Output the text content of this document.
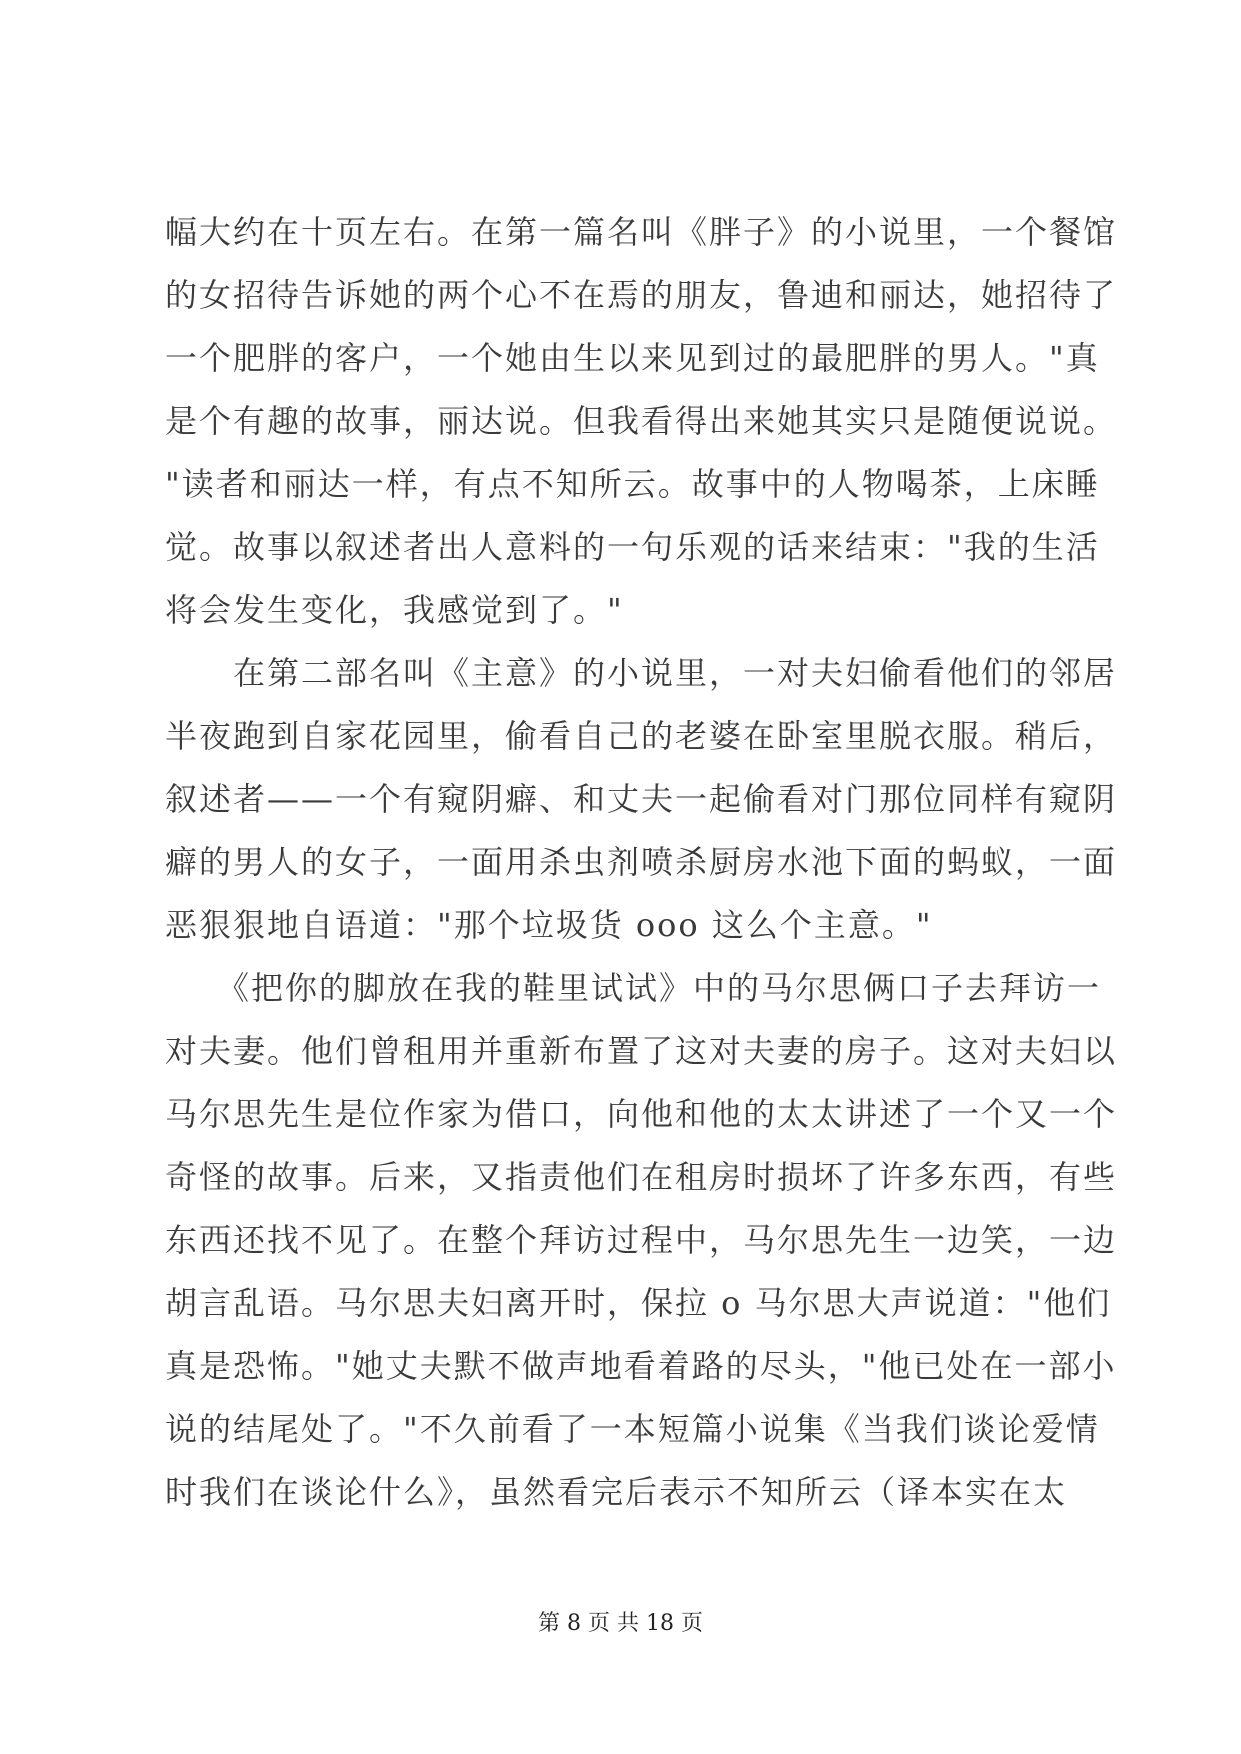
幅大约在十页左右。在第一篇名叫《胖子》的小说里，一个餐馆
的女招待告诉她的两个心不在焉的朋友，鲁迪和丽达，她招待了
一个肥胖的客户，一个她由生以来见到过的最肥胖的男人。"真
是个有趣的故事，丽达说。但我看得出来她其实只是随便说说。
"读者和丽达一样，有点不知所云。故事中的人物喝茶，上床睡
觉。故事以叙述者出人意料的一句乐观的话来结束："我的生活
将会发生变化，我感觉到了。"
　　在第二部名叫《主意》的小说里，一对夫妇偷看他们的邻居
半夜跑到自家花园里，偷看自己的老婆在卧室里脱衣服。稍后，
叙述者——一个有窥阴癖、和丈夫一起偷看对门那位同样有窥阴
癖的男人的女子，一面用杀虫剂喷杀厨房水池下面的蚂蚁，一面
恶狠狠地自语道："那个垃圾货 ooo 这么个主意。"
　　《把你的脚放在我的鞋里试试》中的马尔思俩口子去拜访一
对夫妻。他们曾租用并重新布置了这对夫妻的房子。这对夫妇以
马尔思先生是位作家为借口，向他和他的太太讲述了一个又一个
奇怪的故事。后来，又指责他们在租房时损坏了许多东西，有些
东西还找不见了。在整个拜访过程中，马尔思先生一边笑，一边
胡言乱语。马尔思夫妇离开时，保拉 o 马尔思大声说道："他们
真是恐怖。"她丈夫默不做声地看着路的尽头，"他已处在一部小
说的结尾处了。"不久前看了一本短篇小说集《当我们谈论爱情
时我们在谈论什么》，虽然看完后表示不知所云（译本实在太
第 8 页 共 18 页
